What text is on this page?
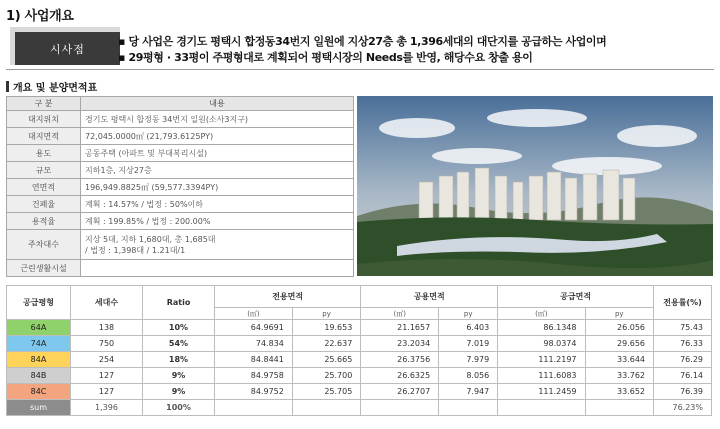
1) 사업개요
시사점
▪ 당 사업은 경기도 평택시 합정동34번지 일원에 지상27층 총 1,396세대의 대단지를 공급하는 사업이며
▪ 29평형 · 33평이 주평형대로 계획되어 평택시장의 Needs를 반영, 해당수요 창출 용이
개요 및 분양면적표
구 분	내용
대지위치	경기도 평택시 합정동 34번지 일원(소사3지구)
대지면적	72,045.0000㎡ (21,793.6125PY)
용도	공동주택 (아파트 및 부대복리시설)
규모	지하1층, 지상27층
연면적	196,949.8825㎡ (59,577.3394PY)
건폐율	계획 : 14.57% / 법정 : 50%이하
용적율	계획 : 199.85% / 법정 : 200.00%
주차대수	지상 5대, 지하 1,680대, 총 1,685대
/ 법정 : 1,398대 / 1.21대/1

근린생활시설	
공급평형	세대수	Ratio	전용면적		공용면적		공급면적		전용률(%)
			(㎡)	py	(㎡)	py	(㎡)	py	
64A	138	10%	64.9691	19.653	21.1657	6.403	86.1348	26.056	75.43
74A	750	54%	74.834	22.637	23.2034	7.019	98.0374	29.656	76.33
84A	254	18%	84.8441	25.665	26.3756	7.979	111.2197	33.644	76.29
84B	127	9%	84.9758	25.700	26.6325	8.056	111.6083	33.762	76.14
84C	127	9%	84.9752	25.705	26.2707	7.947	111.2459	33.652	76.39
sum	1,396	100%							76.23%
